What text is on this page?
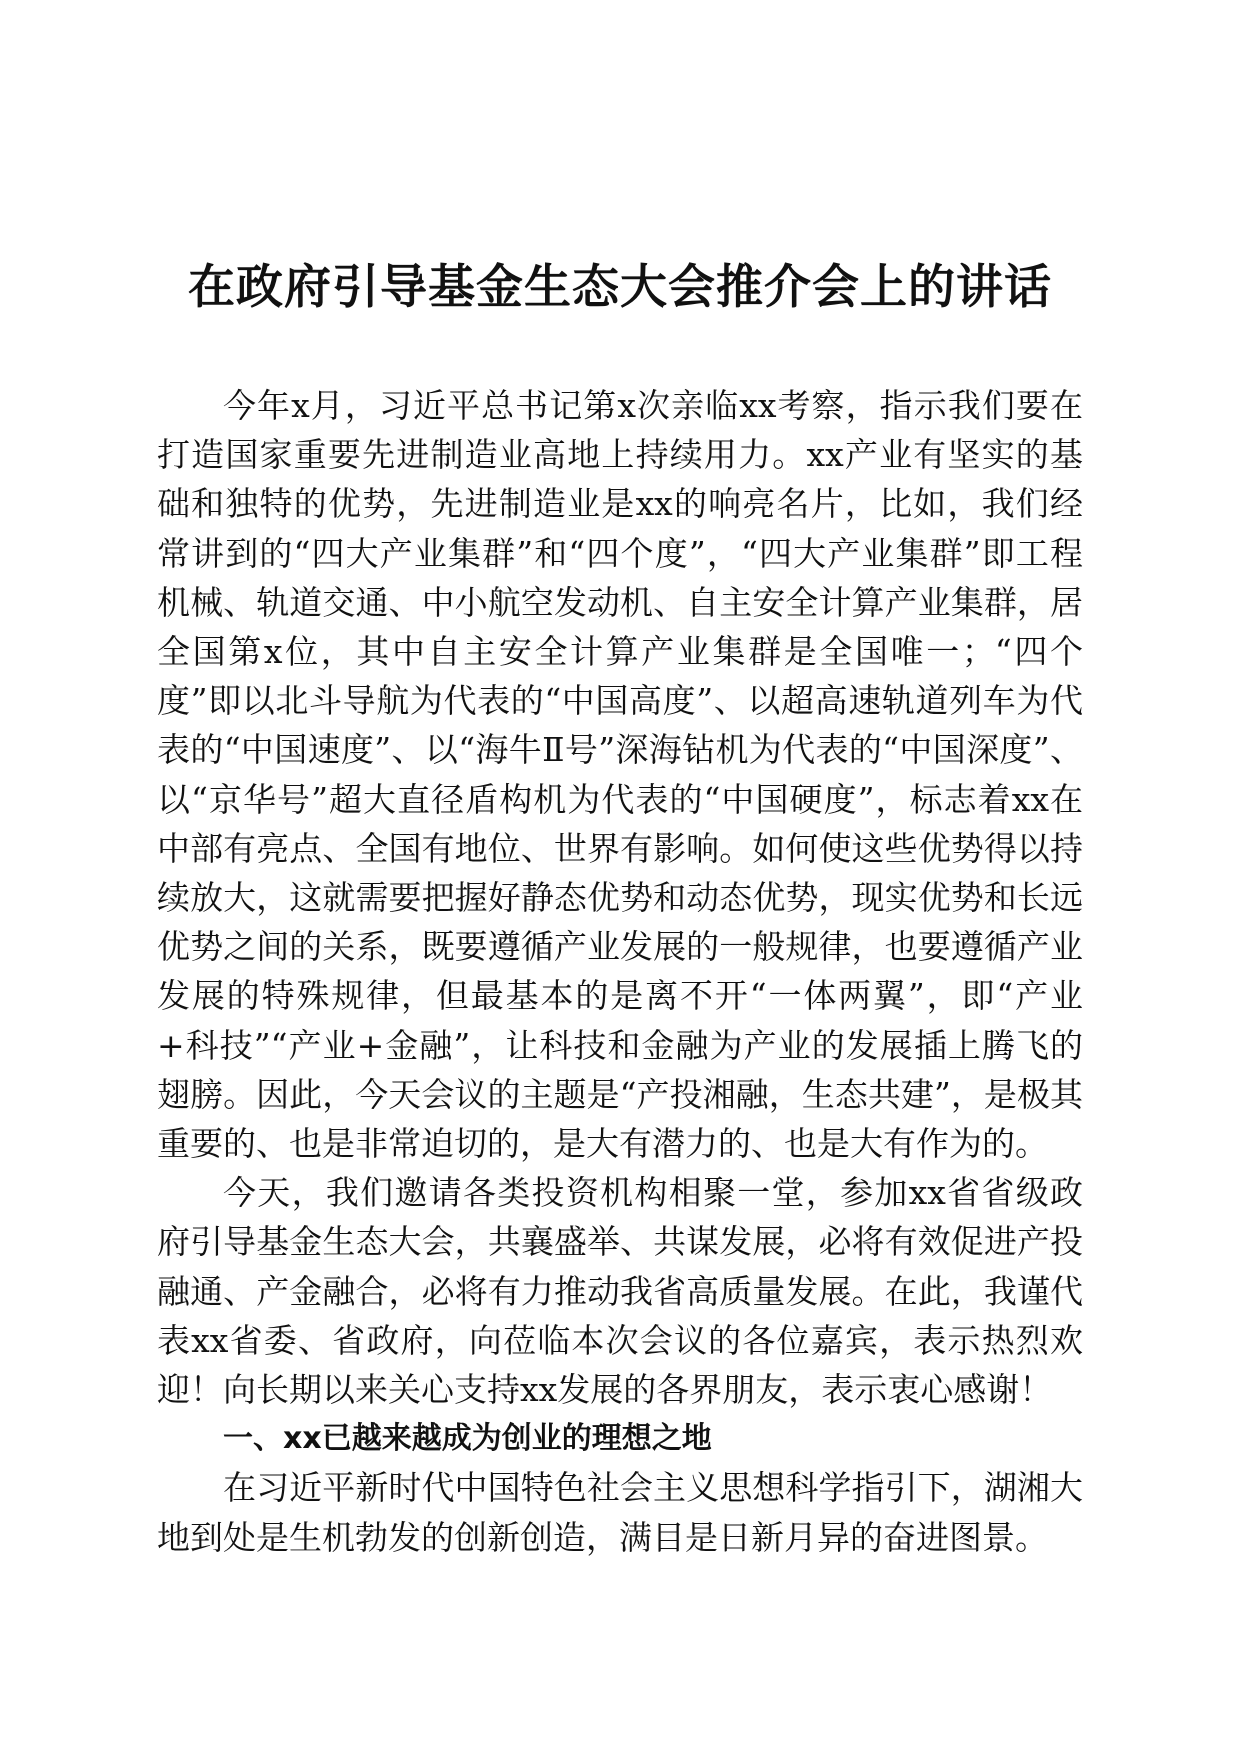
在政府引导基金生态大会推介会上的讲话

今年x月，习近平总书记第x次亲临xx考察，指示我们要在打造国家重要先进制造业高地上持续用力。xx产业有坚实的基础和独特的优势，先进制造业是xx的响亮名片，比如，我们经常讲到的“四大产业集群”和“四个度”，“四大产业集群”即工程机械、轨道交通、中小航空发动机、自主安全计算产业集群，居全国第x位，其中自主安全计算产业集群是全国唯一；“四个度”即以北斗导航为代表的“中国高度”、以超高速轨道列车为代表的“中国速度”、以“海牛Ⅱ号”深海钻机为代表的“中国深度”、以“京华号”超大直径盾构机为代表的“中国硬度”，标志着xx在中部有亮点、全国有地位、世界有影响。如何使这些优势得以持续放大，这就需要把握好静态优势和动态优势，现实优势和长远优势之间的关系，既要遵循产业发展的一般规律，也要遵循产业发展的特殊规律，但最基本的是离不开“一体两翼”，即“产业+科技”“产业+金融”，让科技和金融为产业的发展插上腾飞的翅膀。因此，今天会议的主题是“产投湘融，生态共建”，是极其重要的、也是非常迫切的，是大有潜力的、也是大有作为的。

今天，我们邀请各类投资机构相聚一堂，参加xx省省级政府引导基金生态大会，共襄盛举、共谋发展，必将有效促进产投融通、产金融合，必将有力推动我省高质量发展。在此，我谨代表xx省委、省政府，向莅临本次会议的各位嘉宾，表示热烈欢迎！向长期以来关心支持xx发展的各界朋友，表示衷心感谢！

一、xx已越来越成为创业的理想之地

在习近平新时代中国特色社会主义思想科学指引下，湖湘大地到处是生机勃发的创新创造，满目是日新月异的奋进图景。
